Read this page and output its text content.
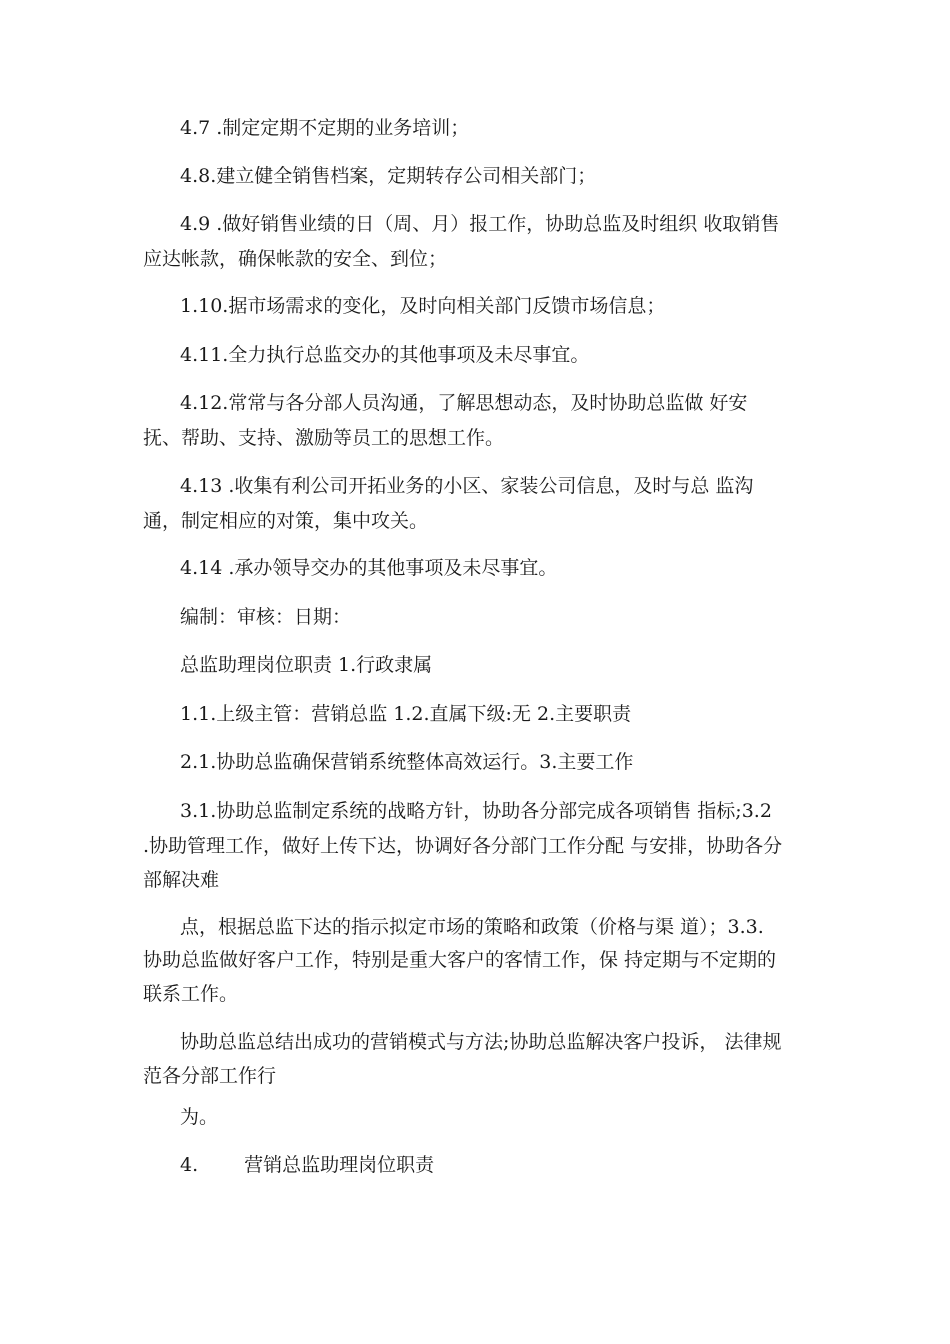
4.7 .制定定期不定期的业务培训；
4.8.建立健全销售档案，定期转存公司相关部门；
4.9 .做好销售业绩的日（周、月）报工作，协助总监及时组织 收取销售
应达帐款，确保帐款的安全、到位；
1.10.据市场需求的变化，及时向相关部门反馈市场信息；
4.11.全力执行总监交办的其他事项及未尽事宜。
4.12.常常与各分部人员沟通，了解思想动态，及时协助总监做 好安
抚、帮助、支持、激励等员工的思想工作。
4.13 .收集有利公司开拓业务的小区、家装公司信息，及时与总 监沟
通，制定相应的对策，集中攻关。
4.14 .承办领导交办的其他事项及未尽事宜。
编制：审核：日期：
总监助理岗位职责 1.行政隶属
1.1.上级主管：营销总监 1.2.直属下级:无 2.主要职责
2.1.协助总监确保营销系统整体高效运行。3.主要工作
3.1.协助总监制定系统的战略方针，协助各分部完成各项销售 指标;3.2
.协助管理工作，做好上传下达，协调好各分部门工作分配 与安排，协助各分
部解决难
点，根据总监下达的指示拟定市场的策略和政策（价格与渠 道）；3.3.
协助总监做好客户工作，特别是重大客户的客情工作，保 持定期与不定期的
联系工作。
协助总监总结出成功的营销模式与方法;协助总监解决客户投诉， 法律规
范各分部工作行
为。
4. 营销总监助理岗位职责
